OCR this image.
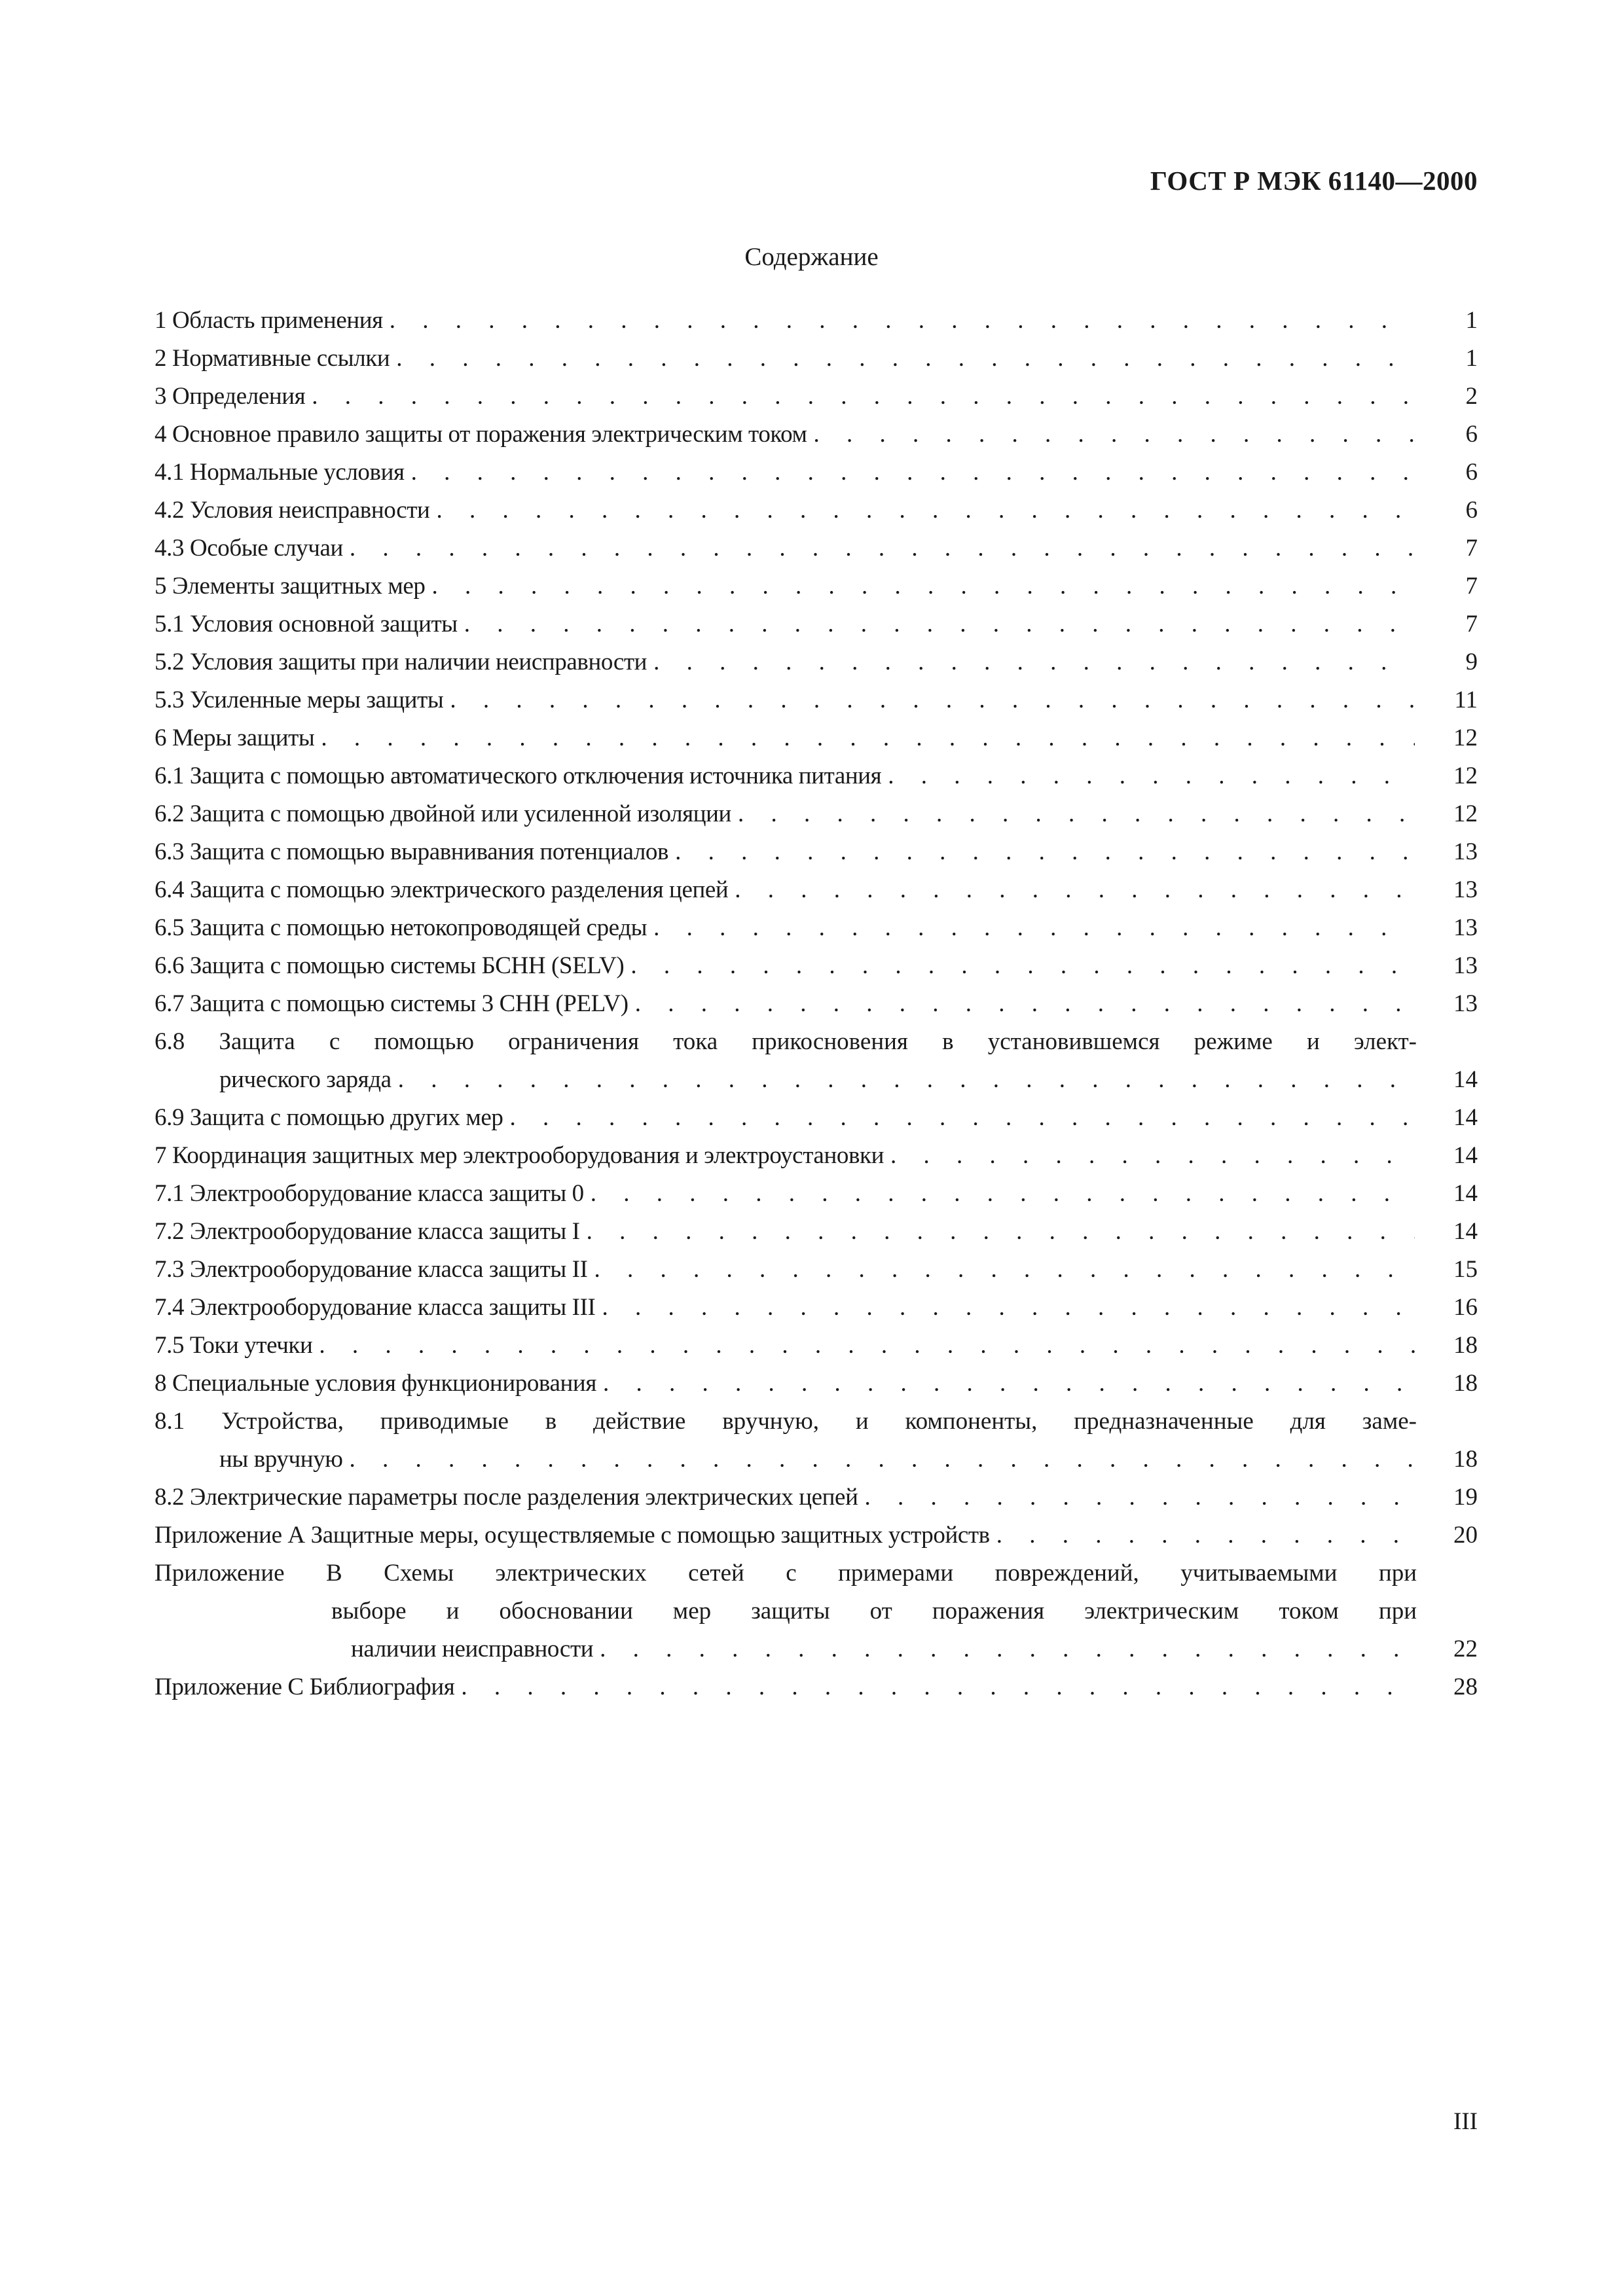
ГОСТ Р МЭК 61140—2000
Содержание
1 Область применения . . .	1
2 Нормативные ссылки . . .	1
3 Определения . . .	2
4 Основное правило защиты от поражения электрическим током . . .	6
4.1 Нормальные условия . . .	6
4.2 Условия неисправности . . .	6
4.3 Особые случаи . . .	7
5 Элементы защитных мер . . .	7
5.1 Условия основной защиты . . .	7
5.2 Условия защиты при наличии неисправности . . .	9
5.3 Усиленные меры защиты . . .	11
6 Меры защиты . . .	12
6.1 Защита с помощью автоматического отключения источника питания . . .	12
6.2 Защита с помощью двойной или усиленной изоляции . . .	12
6.3 Защита с помощью выравнивания потенциалов . . .	13
6.4 Защита с помощью электрического разделения цепей . . .	13
6.5 Защита с помощью нетокопроводящей среды . . .	13
6.6 Защита с помощью системы БСНН (SELV) . . .	13
6.7 Защита с помощью системы 3 СНН (PELV) . . .	13
6.8 Защита с помощью ограничения тока прикосновения в установившемся режиме и элект-
рического заряда . . .	14
6.9 Защита с помощью других мер . . .	14
7 Координация защитных мер электрооборудования и электроустановки . . .	14
7.1 Электрооборудование класса защиты 0 . . .	14
7.2 Электрооборудование класса защиты I . . .	14
7.3 Электрооборудование класса защиты II . . .	15
7.4 Электрооборудование класса защиты III . . .	16
7.5 Токи утечки . . .	18
8 Специальные условия функционирования . . .	18
8.1 Устройства, приводимые в действие вручную, и компоненты, предназначенные для заме-
ны вручную . . .	18
8.2 Электрические параметры после разделения электрических цепей . . .	19
Приложение А Защитные меры, осуществляемые с помощью защитных устройств . . .	20
Приложение В Схемы электрических сетей с примерами повреждений, учитываемыми при
выборе и обосновании мер защиты от поражения электрическим током при
наличии неисправности . . .	22
Приложение С Библиография . . .	28
III
